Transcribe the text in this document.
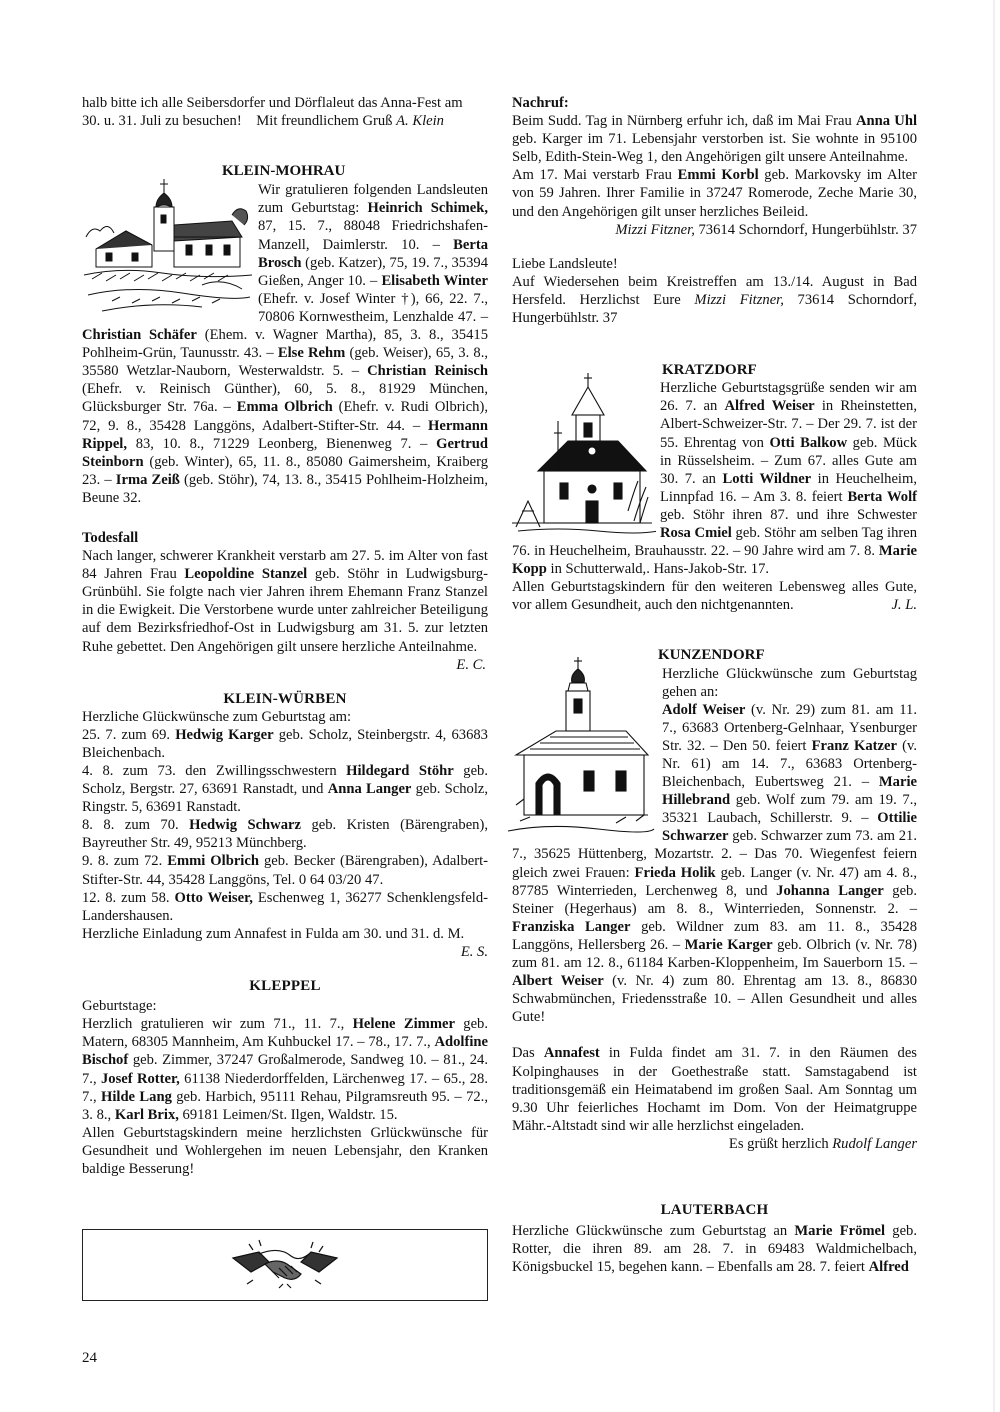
halb bitte ich alle Seibersdorfer und Dörflaleut das Anna-Fest am
30. u. 31. Juli zu besuchen! Mit freundlichem Gruß A. Klein

KLEIN-MOHRAU

Wir gratulieren folgenden Landsleuten zum Geburtstag: Heinrich Schimek, 87, 15. 7., 88048 Friedrichshafen-Manzell, Daimlerstr. 10. – Berta Brosch (geb. Katzer), 75, 19. 7., 35394 Gießen, Anger 10. – Elisabeth Winter (Ehefr. v. Josef Winter †), 66, 22. 7., 70806 Kornwestheim, Lenzhalde 47. – Christian Schäfer (Ehem. v. Wagner Martha), 85, 3. 8., 35415 Pohlheim-Grün, Taunusstr. 43. – Else Rehm (geb. Weiser), 65, 3. 8., 35580 Wetzlar-Nauborn, Westerwaldstr. 5. – Christian Reinisch (Ehefr. v. Reinisch Günther), 60, 5. 8., 81929 München, Glücksburger Str. 76a. – Emma Olbrich (Ehefr. v. Rudi Olbrich), 72, 9. 8., 35428 Langgöns, Adalbert-Stifter-Str. 44. – Hermann Rippel, 83, 10. 8., 71229 Leonberg, Bienenweg 7. – Gertrud Steinborn (geb. Winter), 65, 11. 8., 85080 Gaimersheim, Kraiberg 23. – Irma Zeiß (geb. Stöhr), 74, 13. 8., 35415 Pohlheim-Holzheim, Beune 32.

Todesfall

Nach langer, schwerer Krankheit verstarb am 27. 5. im Alter von fast 84 Jahren Frau Leopoldine Stanzel geb. Stöhr in Ludwigsburg-Grünbühl. Sie folgte nach vier Jahren ihrem Ehemann Franz Stanzel in die Ewigkeit. Die Verstorbene wurde unter zahlreicher Beteiligung auf dem Bezirksfriedhof-Ost in Ludwigsburg am 31. 5. zur letzten Ruhe gebettet. Den Angehörigen gilt unsere herzliche Anteilnahme.
E. C.

KLEIN-WÜRBEN

Herzliche Glückwünsche zum Geburtstag am:

25. 7. zum 69. Hedwig Karger geb. Scholz, Steinbergstr. 4, 63683 Bleichenbach.

4. 8. zum 73. den Zwillingsschwestern Hildegard Stöhr geb. Scholz, Bergstr. 27, 63691 Ranstadt, und Anna Langer geb. Scholz, Ringstr. 5, 63691 Ranstadt.

8. 8. zum 70. Hedwig Schwarz geb. Kristen (Bärengraben), Bayreuther Str. 49, 95213 Münchberg.

9. 8. zum 72. Emmi Olbrich geb. Becker (Bärengraben), Adalbert-Stifter-Str. 44, 35428 Langgöns, Tel. 0 64 03/20 47.

12. 8. zum 58. Otto Weiser, Eschenweg 1, 36277 Schenklengsfeld-Landershausen.

Herzliche Einladung zum Annafest in Fulda am 30. und 31. d. M.

E. S.

KLEPPEL

Geburtstage:

Herzlich gratulieren wir zum 71., 11. 7., Helene Zimmer geb. Matern, 68305 Mannheim, Am Kuhbuckel 17. – 78., 17. 7., Adolfine Bischof geb. Zimmer, 37247 Großalmerode, Sandweg 10. – 81., 24. 7., Josef Rotter, 61138 Niederdorffelden, Lärchenweg 17. – 65., 28. 7., Hilde Lang geb. Harbich, 95111 Rehau, Pilgramsreuth 95. – 72., 3. 8., Karl Brix, 69181 Leimen/St. Ilgen, Waldstr. 15.

Allen Geburtstagskindern meine herzlichsten Grlückwünsche für Gesundheit und Wohlergehen im neuen Lebensjahr, den Kranken baldige Besserung!

24

Nachruf:

Beim Sudd. Tag in Nürnberg erfuhr ich, daß im Mai Frau Anna Uhl geb. Karger im 71. Lebensjahr verstorben ist. Sie wohnte in 95100 Selb, Edith-Stein-Weg 1, den Angehörigen gilt unsere Anteilnahme.

Am 17. Mai verstarb Frau Emmi Korbl geb. Markovsky im Alter von 59 Jahren. Ihrer Familie in 37247 Romerode, Zeche Marie 30, und den Angehörigen gilt unser herzliches Beileid.

Mizzi Fitzner, 73614 Schorndorf, Hungerbühlstr. 37

Liebe Landsleute!

Auf Wiedersehen beim Kreistreffen am 13./14. August in Bad Hersfeld. Herzlichst Eure Mizzi Fitzner, 73614 Schorndorf, Hungerbühlstr. 37

KRATZDORF

Herzliche Geburtstagsgrüße senden wir am 26. 7. an Alfred Weiser in Rheinstetten, Albert-Schweizer-Str. 7. – Der 29. 7. ist der 55. Ehrentag von Otti Balkow geb. Mück in Rüsselsheim. – Zum 67. alles Gute am 30. 7. an Lotti Wildner in Heuchelheim, Linnpfad 16. – Am 3. 8. feiert Berta Wolf geb. Stöhr ihren 87. und ihre Schwester Rosa Cmiel geb. Stöhr am selben Tag ihren 76. in Heuchelheim, Brauhausstr. 22. – 90 Jahre wird am 7. 8. Marie Kopp in Schutterwald,. Hans-Jakob-Str. 17.

Allen Geburtstagskindern für den weiteren Lebensweg alles Gute, vor allem Gesundheit, auch den nichtgenannten.	J. L.

KUNZENDORF

Herzliche Glückwünsche zum Geburtstag gehen an:
Adolf Weiser (v. Nr. 29) zum 81. am 11. 7., 63683 Ortenberg-Gelnhaar, Ysenburger Str. 32. – Den 50. feiert Franz Katzer (v. Nr. 61) am 14. 7., 63683 Ortenberg-Bleichenbach, Eubertsweg 21. – Marie Hillebrand geb. Wolf zum 79. am 19. 7., 35321 Laubach, Schillerstr. 9. – Ottilie Schwarzer geb. Schwarzer zum 73. am 21. 7., 35625 Hüttenberg, Mozartstr. 2. – Das 70. Wiegenfest feiern gleich zwei Frauen: Frieda Holik geb. Langer (v. Nr. 47) am 4. 8., 87785 Winterrieden, Lerchenweg 8, und Johanna Langer geb. Steiner (Hegerhaus) am 8. 8., Winterrieden, Sonnenstr. 2. – Franziska Langer geb. Wildner zum 83. am 11. 8., 35428 Langgöns, Hellersberg 26. – Marie Karger geb. Olbrich (v. Nr. 78) zum 81. am 12. 8., 61184 Karben-Kloppenheim, Im Sauerborn 15. – Albert Weiser (v. Nr. 4) zum 80. Ehrentag am 13. 8., 86830 Schwabmünchen, Friedensstraße 10. – Allen Gesundheit und alles Gute!

Das Annafest in Fulda findet am 31. 7. in den Räumen des Kolpinghauses in der Goethestraße statt. Samstagabend ist traditionsgemäß ein Heimatabend im großen Saal. Am Sonntag um 9.30 Uhr feierliches Hochamt im Dom. Von der Heimatgruppe Mähr.-Altstadt sind wir alle herzlichst eingeladen.

Es grüßt herzlich Rudolf Langer

LAUTERBACH

Herzliche Glückwünsche zum Geburtstag an Marie Frömel geb. Rotter, die ihren 89. am 28. 7. in 69483 Waldmichelbach, Königsbuckel 15, begehen kann. – Ebenfalls am 28. 7. feiert Alfred
